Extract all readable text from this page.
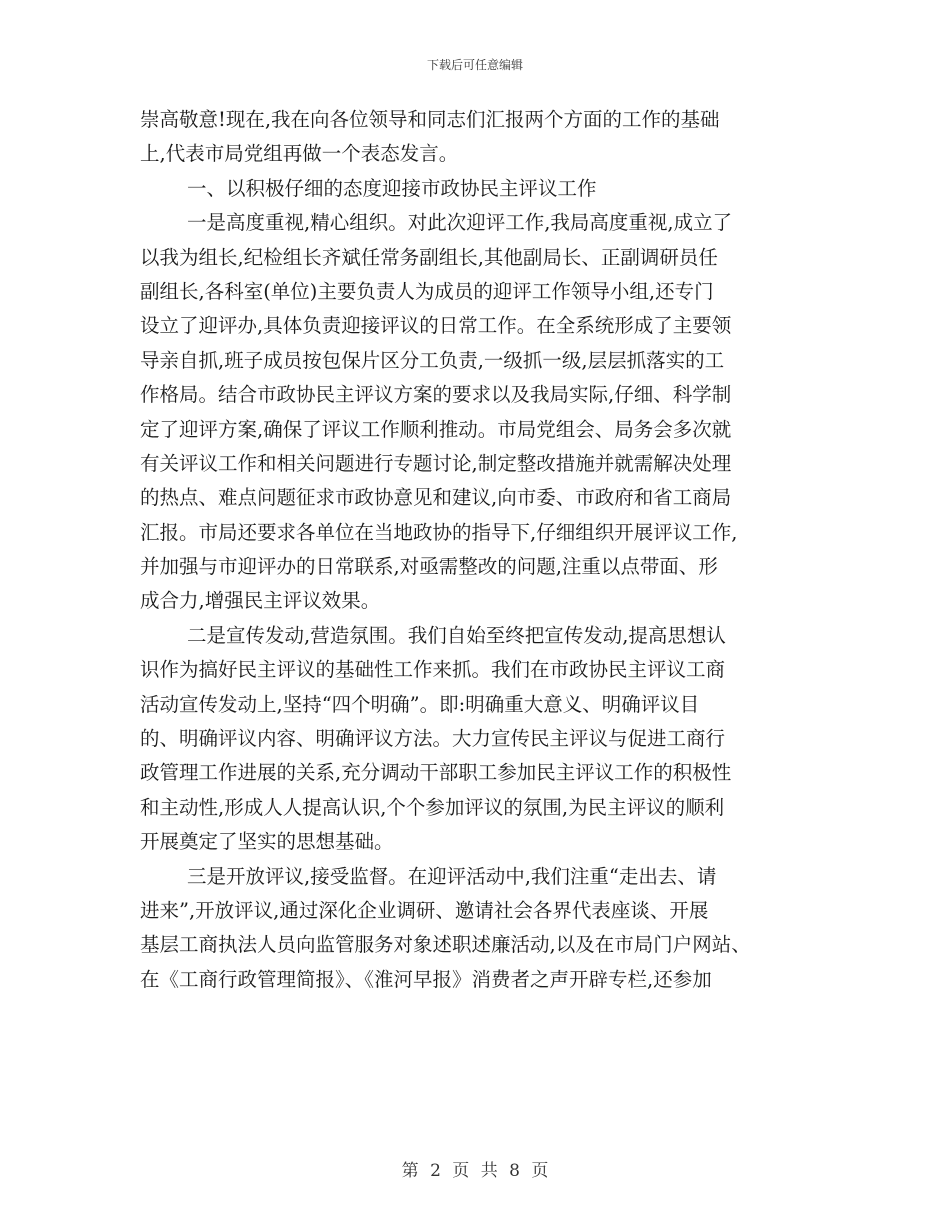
下载后可任意编辑
崇高敬意!现在,我在向各位领导和同志们汇报两个方面的工作的基础
上,代表市局党组再做一个表态发言。
一、以积极仔细的态度迎接市政协民主评议工作
一是高度重视,精心组织。对此次迎评工作,我局高度重视,成立了
以我为组长,纪检组长齐斌任常务副组长,其他副局长、正副调研员任
副组长,各科室(单位)主要负责人为成员的迎评工作领导小组,还专门
设立了迎评办,具体负责迎接评议的日常工作。在全系统形成了主要领
导亲自抓,班子成员按包保片区分工负责,一级抓一级,层层抓落实的工
作格局。结合市政协民主评议方案的要求以及我局实际,仔细、科学制
定了迎评方案,确保了评议工作顺利推动。市局党组会、局务会多次就
有关评议工作和相关问题进行专题讨论,制定整改措施并就需解决处理
的热点、难点问题征求市政协意见和建议,向市委、市政府和省工商局
汇报。市局还要求各单位在当地政协的指导下,仔细组织开展评议工作,
并加强与市迎评办的日常联系,对亟需整改的问题,注重以点带面、形
成合力,增强民主评议效果。
二是宣传发动,营造氛围。我们自始至终把宣传发动,提高思想认
识作为搞好民主评议的基础性工作来抓。我们在市政协民主评议工商
活动宣传发动上,坚持“四个明确”。即:明确重大意义、明确评议目
的、明确评议内容、明确评议方法。大力宣传民主评议与促进工商行
政管理工作进展的关系,充分调动干部职工参加民主评议工作的积极性
和主动性,形成人人提高认识,个个参加评议的氛围,为民主评议的顺利
开展奠定了坚实的思想基础。
三是开放评议,接受监督。在迎评活动中,我们注重“走出去、请
进来”,开放评议,通过深化企业调研、邀请社会各界代表座谈、开展
基层工商执法人员向监管服务对象述职述廉活动,以及在市局门户网站、
在《工商行政管理简报》、《淮河早报》消费者之声开辟专栏,还参加
第 2 页 共 8 页
